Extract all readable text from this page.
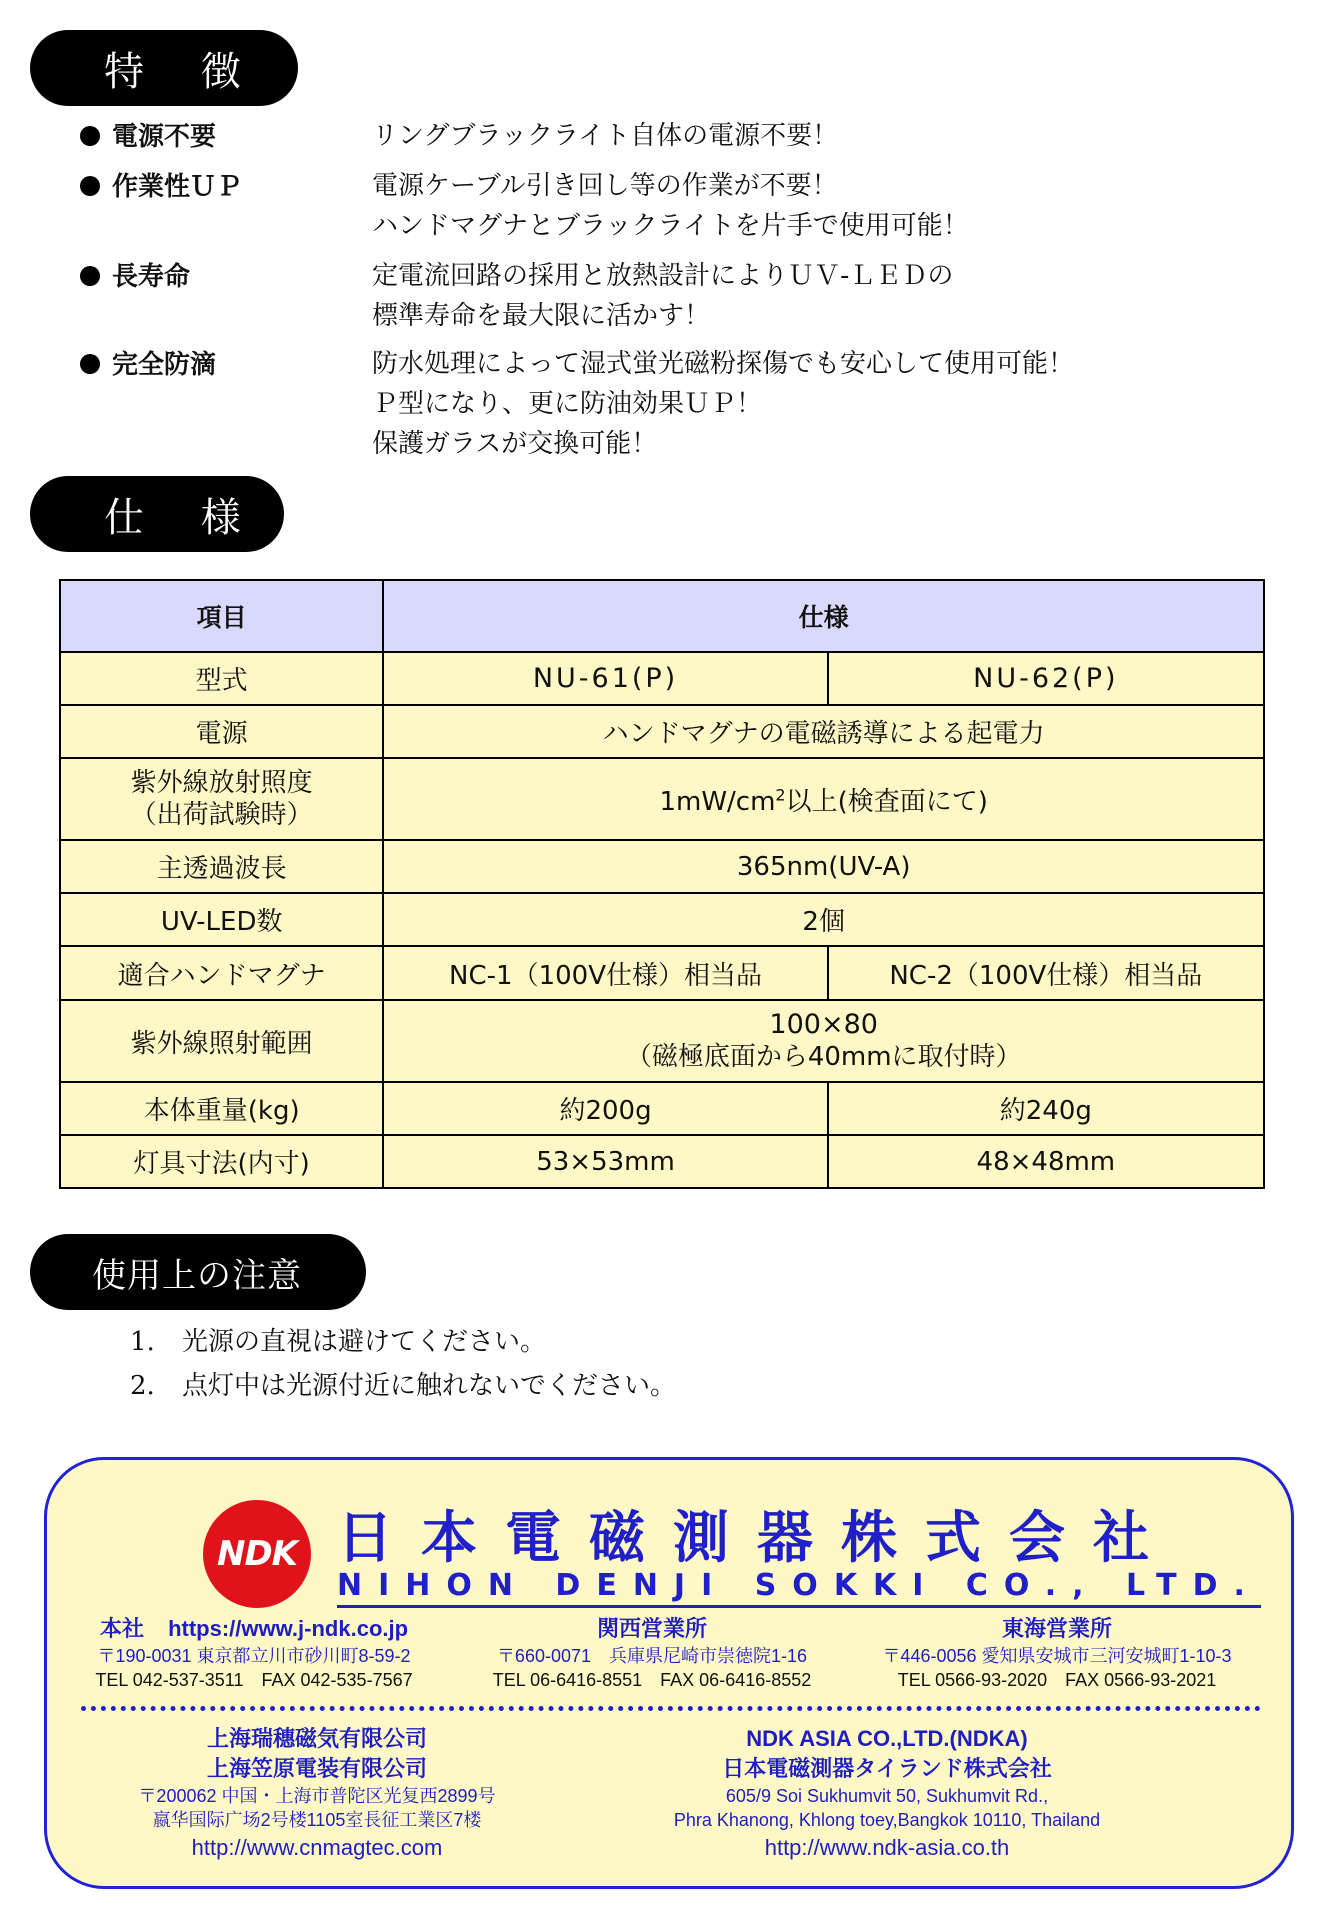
特 徴
電源不要	リングブラックライト自体の電源不要！
作業性ＵＰ	電源ケーブル引き回し等の作業が不要！
ハンドマグナとブラックライトを片手で使用可能！
長寿命	定電流回路の採用と放熱設計によりＵＶ-ＬＥＤの
標準寿命を最大限に活かす！
完全防滴	防水処理によって湿式蛍光磁粉探傷でも安心して使用可能！
Ｐ型になり、更に防油効果ＵＰ！
保護ガラスが交換可能！
仕 様
項目	仕様	
型式	NU-61(P)	NU-62(P)
電源	ハンドマグナの電磁誘導による起電力	

紫外線放射照度
（出荷試験時）	$1mW/cm^2$以上(検査面にて)	
主透過波長	365nm(UV-A)	
UV-LED数	2個	
適合ハンドマグナ	NC-1（100V仕様）相当品	NC-2（100V仕様）相当品
紫外線照射範囲	100×80
（磁極底面から40mmに取付時）	

本体重量(kg)	約200g	約240g
灯具寸法(内寸)	53×53mm	48×48mm
使用上の注意
1. 光源の直視は避けてください。
2. 点灯中は光源付近に触れないでください。
NDK 日本電磁測器株式会社
NIHON DENJI SOKKI CO., LTD.
本社 https://www.j-ndk.co.jp
〒190-0031 東京都立川市砂川町8-59-2
TEL 042-537-3511　FAX 042-535-7567
関西営業所
〒660-0071　兵庫県尼崎市崇徳院1-16
TEL 06-6416-8551　FAX 06-6416-8552
東海営業所
〒446-0056 愛知県安城市三河安城町1-10-3
TEL 0566-93-2020　FAX 0566-93-2021
上海瑞穗磁気有限公司
上海笠原電装有限公司
〒200062 中国・上海市普陀区光复西2899号
嬴华国际广场2号楼1105室長征工業区7楼
http://www.cnmagtec.com
NDK ASIA CO.,LTD.(NDKA)
日本電磁測器タイランド株式会社
605/9 Soi Sukhumvit 50, Sukhumvit Rd.,
Phra Khanong, Khlong toey,Bangkok 10110, Thailand
http://www.ndk-asia.co.th
